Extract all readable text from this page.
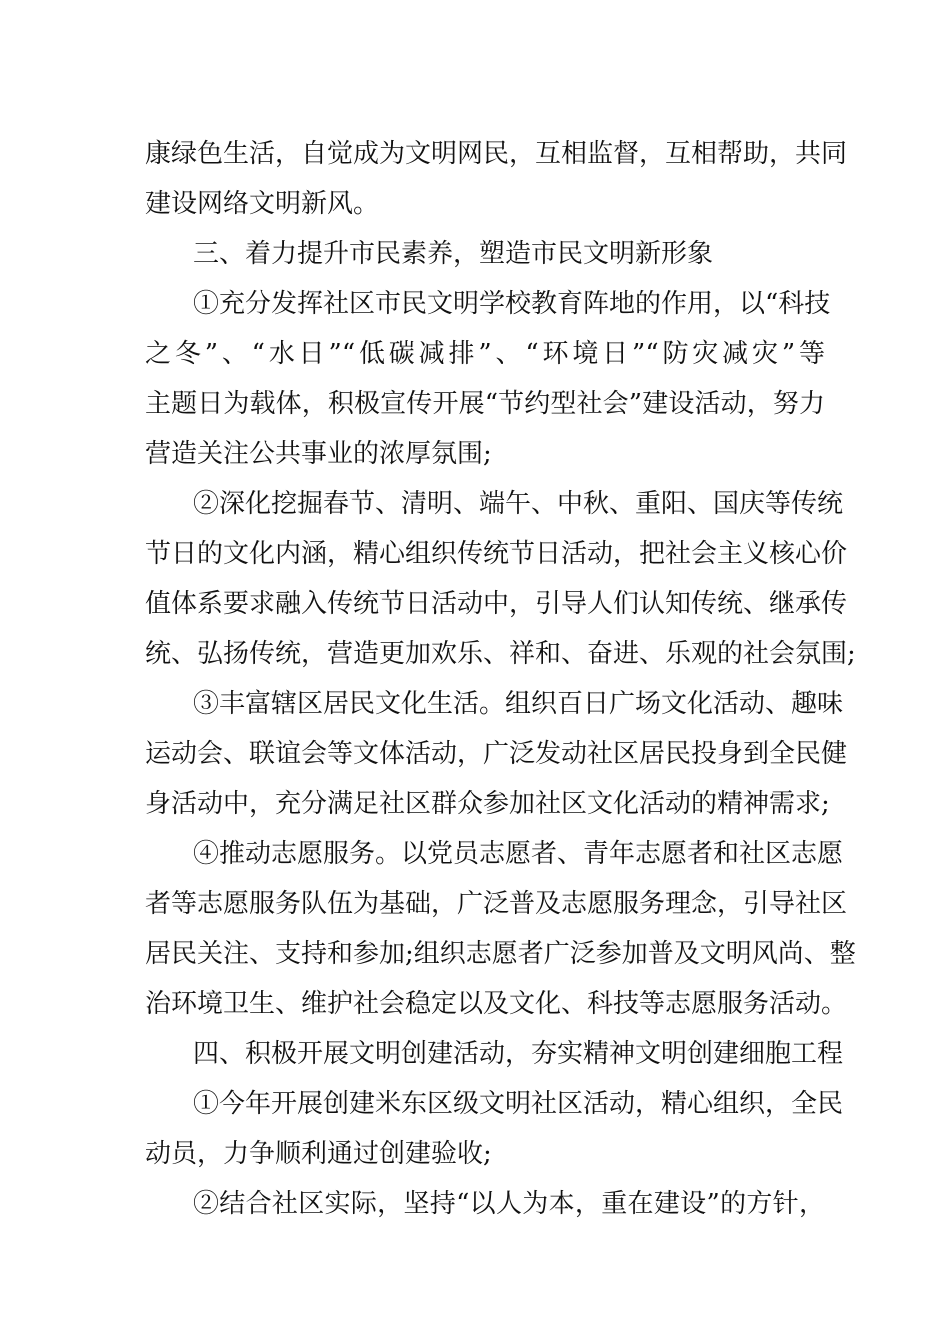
康绿色生活，自觉成为文明网民，互相监督，互相帮助，共同
建设网络文明新风。
三、着力提升市民素养，塑造市民文明新形象
①充分发挥社区市民文明学校教育阵地的作用，以“科技
之冬”、“水日”“低碳减排”、“环境日”“防灾减灾”等
主题日为载体，积极宣传开展“节约型社会”建设活动，努力
营造关注公共事业的浓厚氛围;
②深化挖掘春节、清明、端午、中秋、重阳、国庆等传统
节日的文化内涵，精心组织传统节日活动，把社会主义核心价
值体系要求融入传统节日活动中，引导人们认知传统、继承传
统、弘扬传统，营造更加欢乐、祥和、奋进、乐观的社会氛围;
③丰富辖区居民文化生活。组织百日广场文化活动、趣味
运动会、联谊会等文体活动，广泛发动社区居民投身到全民健
身活动中，充分满足社区群众参加社区文化活动的精神需求;
④推动志愿服务。以党员志愿者、青年志愿者和社区志愿
者等志愿服务队伍为基础，广泛普及志愿服务理念，引导社区
居民关注、支持和参加;组织志愿者广泛参加普及文明风尚、整
治环境卫生、维护社会稳定以及文化、科技等志愿服务活动。
四、积极开展文明创建活动，夯实精神文明创建细胞工程
①今年开展创建米东区级文明社区活动，精心组织，全民
动员，力争顺利通过创建验收;
②结合社区实际，坚持“以人为本，重在建设”的方针，
